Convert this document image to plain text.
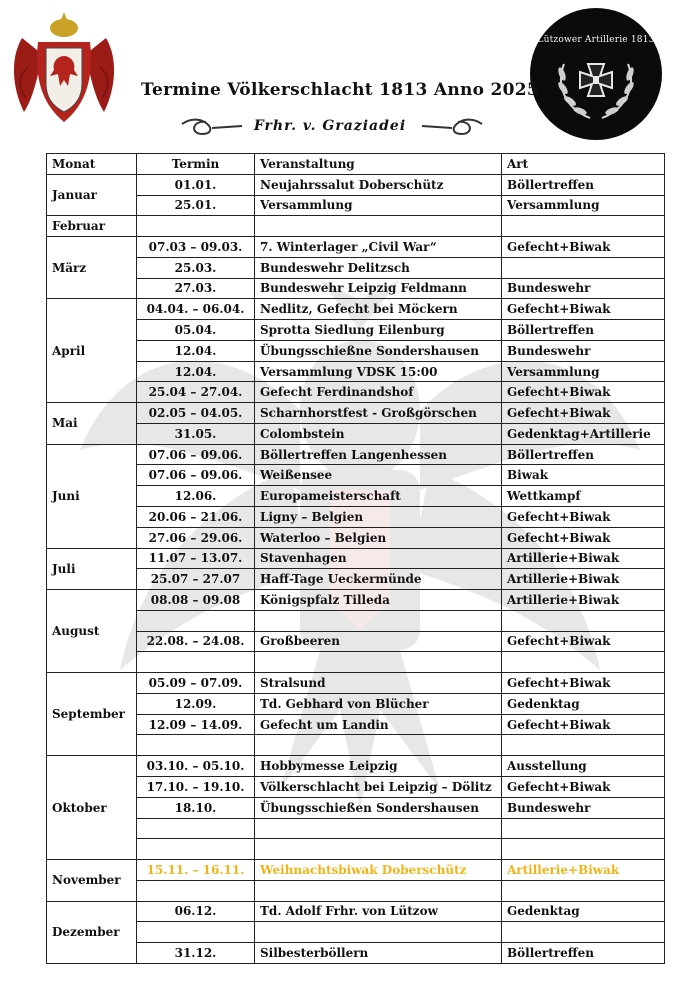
Lützower Artillerie 1813
Termine Völkerschlacht 1813 Anno 2025
Frhr. v. Graziadei
Monat	Termin	Veranstaltung	Art
Januar	01.01.	Neujahrssalut Doberschütz	Böllertreffen
	25.01.	Versammlung	Versammlung
Februar			
März	07.03 – 09.03.	7. Winterlager „Civil War“	Gefecht+Biwak
	25.03.	Bundeswehr Delitzsch	
	27.03.	Bundeswehr Leipzig Feldmann	Bundeswehr
April	04.04. – 06.04.	Nedlitz, Gefecht bei Möckern	Gefecht+Biwak
	05.04.	Sprotta Siedlung Eilenburg	Böllertreffen
	12.04.	Übungsschießne Sondershausen	Bundeswehr
	12.04.	Versammlung VDSK 15:00	Versammlung
	25.04 – 27.04.	Gefecht Ferdinandshof	Gefecht+Biwak
Mai	02.05 – 04.05.	Scharnhorstfest - Großgörschen	Gefecht+Biwak
	31.05.	Colombstein	Gedenktag+Artillerie
Juni	07.06 – 09.06.	Böllertreffen Langenhessen	Böllertreffen
	07.06 – 09.06.	Weißensee	Biwak
	12.06.	Europameisterschaft	Wettkampf
	20.06 – 21.06.	Ligny – Belgien	Gefecht+Biwak
	27.06 – 29.06.	Waterloo – Belgien	Gefecht+Biwak
Juli	11.07 – 13.07.	Stavenhagen	Artillerie+Biwak
	25.07 – 27.07	Haff-Tage Ueckermünde	Artillerie+Biwak
August	08.08 – 09.08	Königspfalz Tilleda	Artillerie+Biwak

	22.08. – 24.08.	Großbeeren	Gefecht+Biwak

September	05.09 – 07.09.	Stralsund	Gefecht+Biwak
	12.09.	Td. Gebhard von Blücher	Gedenktag
	12.09 – 14.09.	Gefecht um Landin	Gefecht+Biwak

Oktober	03.10. – 05.10.	Hobbymesse Leipzig	Ausstellung
	17.10. – 19.10.	Völkerschlacht bei Leipzig – Dölitz	Gefecht+Biwak
	18.10.	Übungsschießen Sondershausen	Bundeswehr

November	15.11. – 16.11.	Weihnachtsbiwak Doberschütz	Artillerie+Biwak

Dezember	06.12.	Td. Adolf Frhr. von Lützow	Gedenktag

	31.12.	Silbesterböllern	Böllertreffen
